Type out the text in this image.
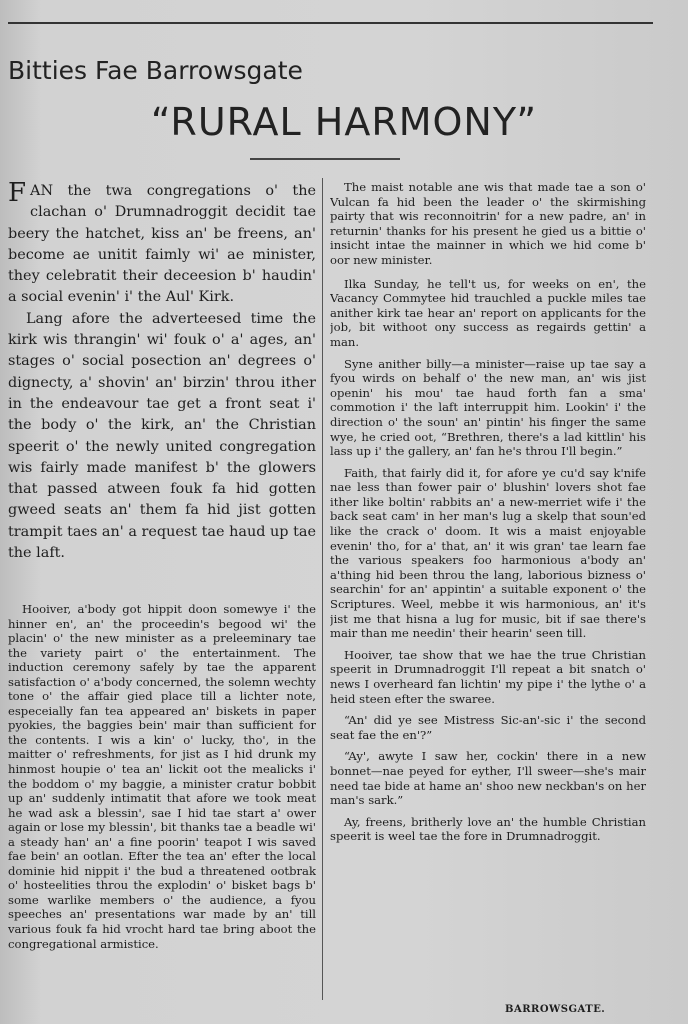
Bitties Fae Barrowsgate
“RURAL HARMONY”

FAN the twa congregations o' the clachan o' Drumnadroggit decidit tae beery the hatchet, kiss an' be freens, an' become ae unitit faimly wi' ae minister, they celebratit their deceesion b' haudin' a social evenin' i' the Aul' Kirk.

Lang afore the adverteesed time the kirk wis thrangin' wi' fouk o' a' ages, an' stages o' social posection an' degrees o' dignecty, a' shovin' an' birzin' throu ither in the endeavour tae get a front seat i' the body o' the kirk, an' the Christian speerit o' the newly united congregation wis fairly made manifest b' the glowers that passed atween fouk fa hid gotten gweed seats an' them fa hid jist gotten trampit taes an' a request tae haud up tae the laft.

Hooiver, a'body got hippit doon somewye i' the hinner en', an' the proceedin's begood wi' the placin' o' the new minister as a preleeminary tae the variety pairt o' the entertainment. The induction ceremony safely by tae the apparent satisfaction o' a'body concerned, the solemn wechty tone o' the affair gied place till a lichter note, especeially fan tea appeared an' biskets in paper pyokies, the baggies bein' mair than sufficient for the contents. I wis a kin' o' lucky, tho', in the maitter o' refreshments, for jist as I hid drunk my hinmost houpie o' tea an' lickit oot the mealicks i' the boddom o' my baggie, a minister cratur bobbit up an' suddenly intimatit that afore we took meat he wad ask a blessin', sae I hid tae start a' ower again or lose my blessin', bit thanks tae a beadle wi' a steady han' an' a fine poorin' teapot I wis saved fae bein' an ootlan. Efter the tea an' efter the local dominie hid nippit i' the bud a threatened ootbrak o' hosteelities throu the explodin' o' bisket bags b' some warlike members o' the audience, a fyou speeches an' presentations war made by an' till various fouk fa hid vrocht hard tae bring aboot the congregational armistice.

The maist notable ane wis that made tae a son o' Vulcan fa hid been the leader o' the skirmishing pairty that wis reconnoitrin' for a new padre, an' in returnin' thanks for his present he gied us a bittie o' insicht intae the mainner in which we hid come b' oor new minister.

Ilka Sunday, he tell't us, for weeks on en', the Vacancy Commytee hid trauchled a puckle miles tae anither kirk tae hear an' report on applicants for the job, bit withoot ony success as regairds gettin' a man.

Syne anither billy—a minister—raise up tae say a fyou wirds on behalf o' the new man, an' wis jist openin' his mou' tae haud forth fan a sma' commotion i' the laft interruppit him. Lookin' i' the direction o' the soun' an' pintin' his finger the same wye, he cried oot, “Brethren, there's a lad kittlin' his lass up i' the gallery, an' fan he's throu I'll begin.”

Faith, that fairly did it, for afore ye cu'd say k'nife nae less than fower pair o' blushin' lovers shot fae ither like boltin' rabbits an' a new-merriet wife i' the back seat cam' in her man's lug a skelp that soun'ed like the crack o' doom. It wis a maist enjoyable evenin' tho, for a' that, an' it wis gran' tae learn fae the various speakers foo harmonious a'body an' a'thing hid been throu the lang, laborious bizness o' searchin' for an' appintin' a suitable exponent o' the Scriptures. Weel, mebbe it wis harmonious, an' it's jist me that hisna a lug for music, bit if sae there's mair than me needin' their hearin' seen till.

Hooiver, tae show that we hae the true Christian speerit in Drumnadroggit I'll repeat a bit snatch o' news I overheard fan lichtin' my pipe i' the lythe o' a heid steen efter the swaree.

“An' did ye see Mistress Sic-an'-sic i' the second seat fae the en'?”

“Ay', awyte I saw her, cockin' there in a new bonnet—nae peyed for eyther, I'll sweer—she's mair need tae bide at hame an' shoo new neckban's on her man's sark.”

Ay, freens, britherly love an' the humble Christian speerit is weel tae the fore in Drumnadroggit.

BARROWSGATE.
